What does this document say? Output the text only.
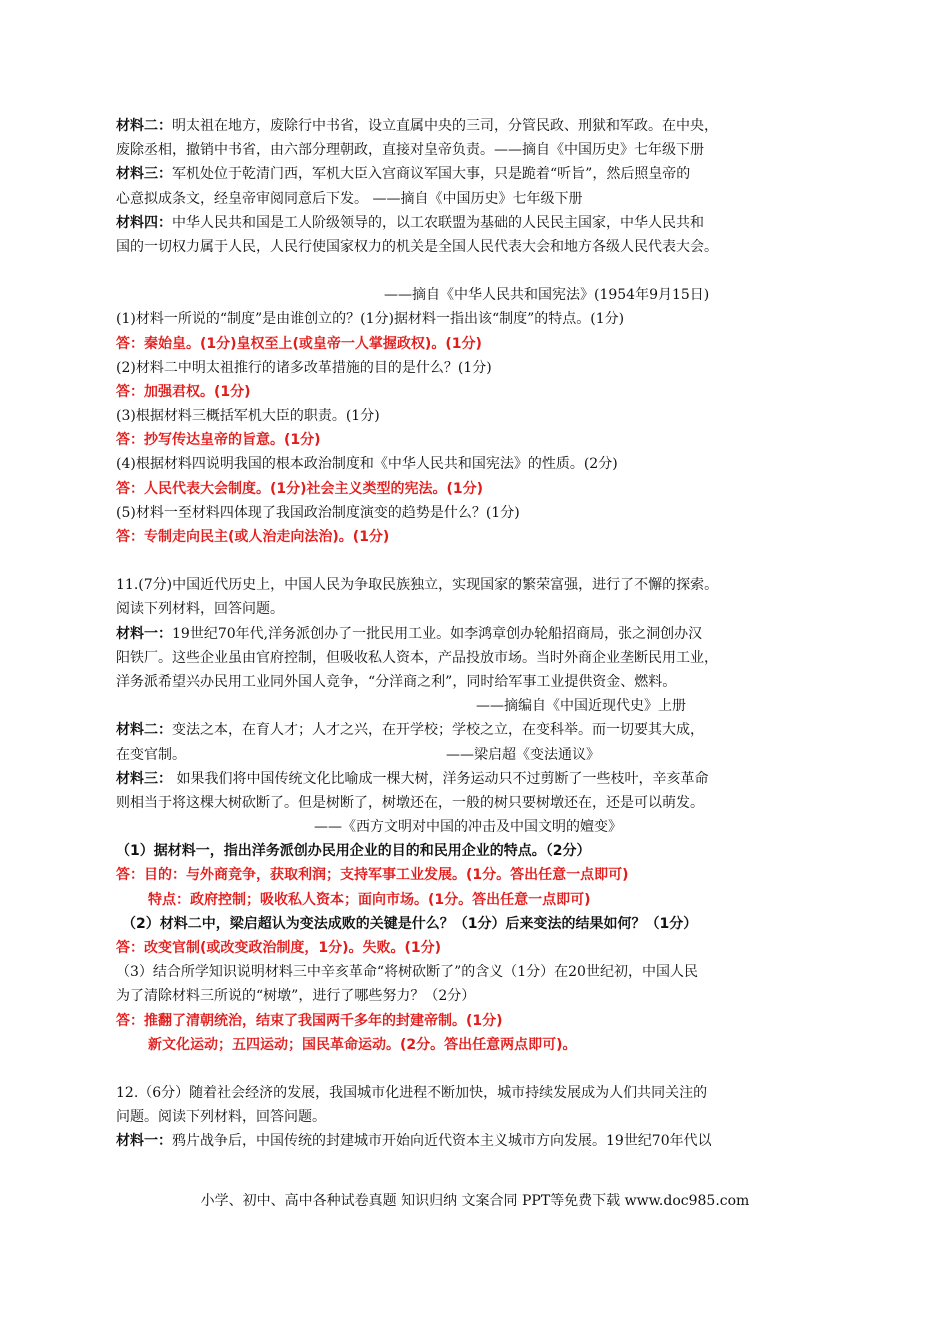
材料二：明太祖在地方，废除行中书省，设立直属中央的三司，分管民政、刑狱和军政。在中央，
废除丞相，撤销中书省，由六部分理朝政，直接对皇帝负责。——摘自《中国历史》七年级下册
材料三：军机处位于乾清门西，军机大臣入宫商议军国大事，只是跪着“听旨”，然后照皇帝的
心意拟成条文，经皇帝审阅同意后下发。 ——摘自《中国历史》七年级下册
材料四：中华人民共和国是工人阶级领导的，以工农联盟为基础的人民民主国家，中华人民共和
国的一切权力属于人民，人民行使国家权力的机关是全国人民代表大会和地方各级人民代表大会。
——摘自《中华人民共和国宪法》(1954年9月15日)
(1)材料一所说的“制度”是由谁创立的？(1分)据材料一指出该“制度”的特点。(1分)
答：秦始皇。(1分)皇权至上(或皇帝一人掌握政权)。(1分)
(2)材料二中明太祖推行的诸多改革措施的目的是什么？(1分)
答：加强君权。(1分)
(3)根据材料三概括军机大臣的职责。(1分)
答：抄写传达皇帝的旨意。(1分)
(4)根据材料四说明我国的根本政治制度和《中华人民共和国宪法》的性质。(2分)
答：人民代表大会制度。(1分)社会主义类型的宪法。(1分)
(5)材料一至材料四体现了我国政治制度演变的趋势是什么？(1分)
答：专制走向民主(或人治走向法治)。(1分)
11.(7分)中国近代历史上，中国人民为争取民族独立，实现国家的繁荣富强，进行了不懈的探索。
阅读下列材料，回答问题。
材料一：19世纪70年代,洋务派创办了一批民用工业。如李鸿章创办轮船招商局，张之洞创办汉
阳铁厂。这些企业虽由官府控制，但吸收私人资本，产品投放市场。当时外商企业垄断民用工业，
洋务派希望兴办民用工业同外国人竞争，“分洋商之利”，同时给军事工业提供资金、燃料。
——摘编自《中国近现代史》上册
材料二：变法之本，在育人才；人才之兴，在开学校；学校之立，在变科举。而一切要其大成，
在变官制。	——梁启超《变法通议》
材料三： 如果我们将中国传统文化比喻成一棵大树，洋务运动只不过剪断了一些枝叶，辛亥革命
则相当于将这棵大树砍断了。但是树断了，树墩还在，一般的树只要树墩还在，还是可以萌发。
——《西方文明对中国的冲击及中国文明的嬗变》
（1）据材料一，指出洋务派创办民用企业的目的和民用企业的特点。（2分）
答：目的：与外商竞争，获取利润；支持军事工业发展。(1分。答出任意一点即可)
特点：政府控制；吸收私人资本；面向市场。(1分。答出任意一点即可)
（2）材料二中，梁启超认为变法成败的关键是什么？（1分）后来变法的结果如何？（1分）
答：改变官制(或改变政治制度，1分)。失败。(1分)
（3）结合所学知识说明材料三中辛亥革命“将树砍断了”的含义（1分）在20世纪初，中国人民
为了清除材料三所说的“树墩”，进行了哪些努力？（2分）
答：推翻了清朝统治，结束了我国两千多年的封建帝制。(1分)
新文化运动；五四运动；国民革命运动。(2分。答出任意两点即可)。
12.（6分）随着社会经济的发展，我国城市化进程不断加快，城市持续发展成为人们共同关注的
问题。阅读下列材料，回答问题。
材料一：鸦片战争后，中国传统的封建城市开始向近代资本主义城市方向发展。19世纪70年代以
小学、初中、高中各种试卷真题 知识归纳 文案合同 PPT等免费下载 www.doc985.com
